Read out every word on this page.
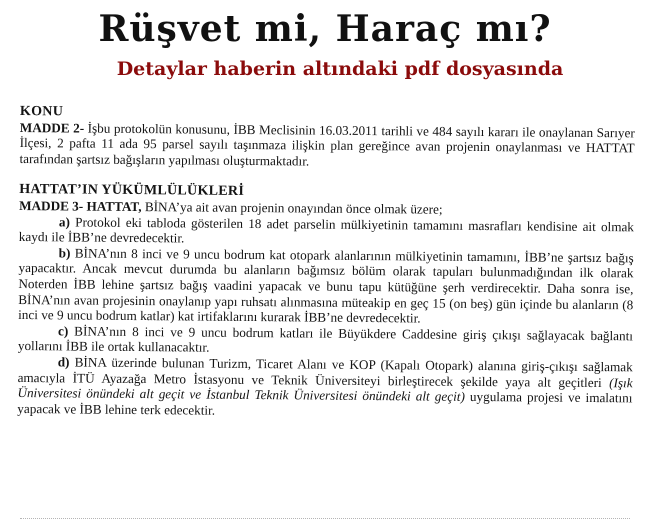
Rüşvet mi, Haraç mı?
Detaylar haberin altındaki pdf dosyasında
KONU

MADDE 2- İşbu protokolün konusunu, İBB Meclisinin 16.03.2011 tarihli ve 484 sayılı kararı ile onaylanan Sarıyer İlçesi, 2 pafta 11 ada 95 parsel sayılı taşınmaza ilişkin plan gereğince avan projenin onaylanması ve HATTAT tarafından şartsız bağışların yapılması oluşturmaktadır.

HATTAT’IN YÜKÜMLÜLÜKLERİ

MADDE 3- HATTAT, BİNA’ya ait avan projenin onayından önce olmak üzere;

a) Protokol eki tabloda gösterilen 18 adet parselin mülkiyetinin tamamını masrafları kendisine ait olmak kaydı ile İBB’ne devredecektir.

b) BİNA’nın 8 inci ve 9 uncu bodrum kat otopark alanlarının mülkiyetinin tamamını, İBB’ne şartsız bağış yapacaktır. Ancak mevcut durumda bu alanların bağımsız bölüm olarak tapuları bulunmadığından ilk olarak Noterden İBB lehine şartsız bağış vaadini yapacak ve bunu tapu kütüğüne şerh verdirecektir. Daha sonra ise, BİNA’nın avan projesinin onaylanıp yapı ruhsatı alınmasına müteakip en geç 15 (on beş) gün içinde bu alanların (8 inci ve 9 uncu bodrum katlar) kat irtifaklarını kurarak İBB’ne devredecektir.

c) BİNA’nın 8 inci ve 9 uncu bodrum katları ile Büyükdere Caddesine giriş çıkışı sağlayacak bağlantı yollarını İBB ile ortak kullanacaktır.

d) BİNA üzerinde bulunan Turizm, Ticaret Alanı ve KOP (Kapalı Otopark) alanına giriş-çıkışı sağlamak amacıyla İTÜ Ayazağa Metro İstasyonu ve Teknik Üniversiteyi birleştirecek şekilde yaya alt geçitleri (Işık Üniversitesi önündeki alt geçit ve İstanbul Teknik Üniversitesi önündeki alt geçit) uygulama projesi ve imalatını yapacak ve İBB lehine terk edecektir.
